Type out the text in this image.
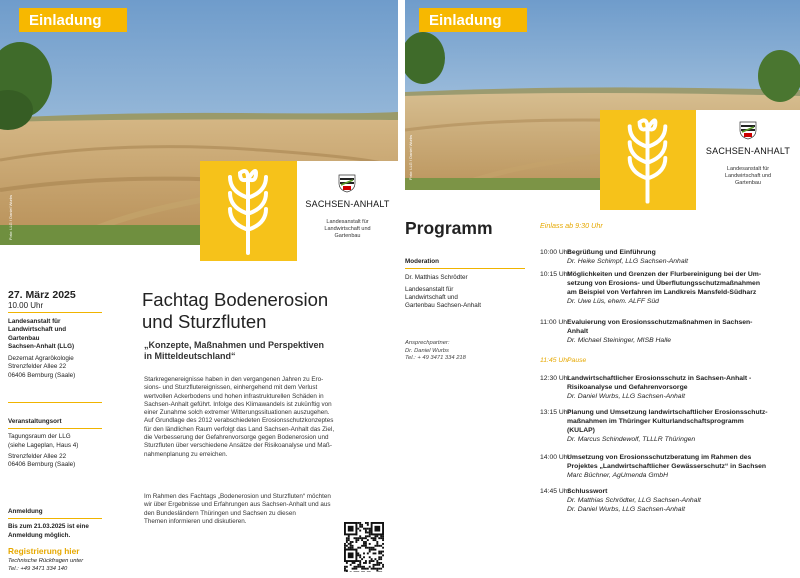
Einladung
Foto: LLG / Daniel Wurbs	SACHSEN-ANHALT
Landesanstalt für
Landwirtschaft und
Gartenbau
27. März 2025
10.00 Uhr
Landesanstalt für
Landwirtschaft und
Gartenbau
Sachsen-Anhalt (LLG)
Dezernat Agrarökologie
Strenzfelder Allee 22
06406 Bernburg (Saale)
Veranstaltungsort
Tagungsraum der LLG
(siehe Lageplan, Haus 4)
Strenzfelder Allee 22
06406 Bernburg (Saale)
Anmeldung
Bis zum 21.03.2025 ist eine
Anmeldung möglich.
Registrierung hier
Technische Rückfragen unter
Tel.: +49 3471 334 140
Fachtag Bodenerosion
und Sturzfluten
„Konzepte, Maßnahmen und Perspektiven
in Mitteldeutschland“
Starkregenereignisse haben in den vergangenen Jahren zu Ero-
sions- und Sturzflutereignissen, einhergehend mit dem Verlust
wertvollen Ackerbodens und hohen infrastrukturellen Schäden in
Sachsen-Anhalt geführt. Infolge des Klimawandels ist zukünftig von
einer Zunahme solch extremer Witterungssituationen auszugehen.
Auf Grundlage des 2012 verabschiedeten Erosionsschutzkonzeptes
für den ländlichen Raum verfolgt das Land Sachsen-Anhalt das Ziel,
die Verbesserung der Gefahrenvorsorge gegen Bodenerosion und
Sturzfluten über verschiedene Ansätze der Risikoanalyse und Maß-
nahmenplanung zu erreichen.
Im Rahmen des Fachtags „Bodenerosion und Sturzfluten“ möchten
wir über Ergebnisse und Erfahrungen aus Sachsen-Anhalt und aus
den Bundesländern Thüringen und Sachsen zu diesen
Themen informieren und diskutieren.
Einladung
Foto: LLG / Daniel Wurbs	SACHSEN-ANHALT
Landesanstalt für
Landwirtschaft und
Gartenbau
Programm
Moderation
Dr. Matthias Schrödter
Landesanstalt für
Landwirtschaft und
Gartenbau Sachsen-Anhalt
Ansprechpartner:
Dr. Daniel Wurbs
Tel.: + 49 3471 334 218
Einlass ab 9:30 Uhr
10:00 Uhr
Begrüßung und Einführung
Dr. Heike Schimpf, LLG Sachsen-Anhalt
10:15 Uhr
Möglichkeiten und Grenzen der Flurbereinigung bei der Um-
setzung von Erosions- und Überflutungsschutzmaßnahmen
am Beispiel von Verfahren im Landkreis Mansfeld-Südharz
Dr. Uwe Lüs, ehem. ALFF Süd
11:00 Uhr
Evaluierung von Erosionsschutzmaßnahmen in Sachsen-
Anhalt
Dr. Michael Steininger, MISB Halle
11:45 Uhr
Pause
12:30 Uhr
Landwirtschaftlicher Erosionsschutz in Sachsen-Anhalt -
Risikoanalyse und Gefahrenvorsorge
Dr. Daniel Wurbs, LLG Sachsen-Anhalt
13:15 Uhr
Planung und Umsetzung landwirtschaftlicher Erosionsschutz-
maßnahmen im Thüringer Kulturlandschaftsprogramm
(KULAP)
Dr. Marcus Schindewolf, TLLLR Thüringen
14:00 Uhr
Umsetzung von Erosionsschutzberatung im Rahmen des
Projektes „Landwirtschaftlicher Gewässerschutz“ in Sachsen
Marc Büchner, AgUmenda GmbH
14:45 Uhr
Schlusswort
Dr. Matthias Schrödter, LLG Sachsen-Anhalt
Dr. Daniel Wurbs, LLG Sachsen-Anhalt
